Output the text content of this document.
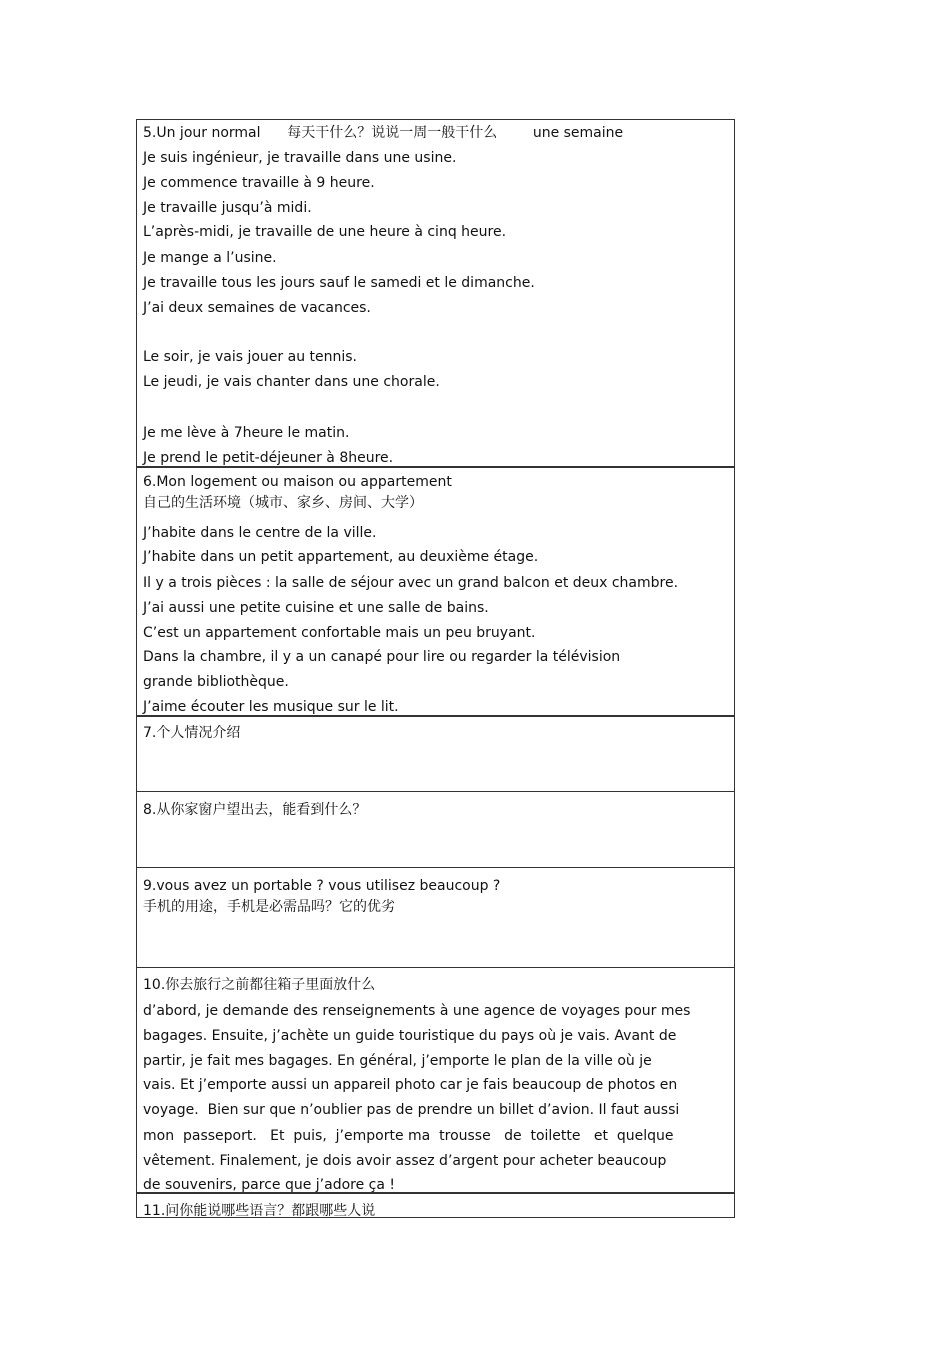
5.Un jour normal      每天干什么？说说一周一般干什么        une semaine
Je suis ingénieur, je travaille dans une usine.
Je commence travaille à 9 heure.
Je travaille jusqu’à midi.
L’après-midi, je travaille de une heure à cinq heure.
Je mange a l’usine.
Je travaille tous les jours sauf le samedi et le dimanche.
J’ai deux semaines de vacances.
Le soir, je vais jouer au tennis.
Le jeudi, je vais chanter dans une chorale.
Je me lève à 7heure le matin.
Je prend le petit-déjeuner à 8heure.
6.Mon logement ou maison ou appartement
自己的生活环境（城市、家乡、房间、大学）
J’habite dans le centre de la ville.
J’habite dans un petit appartement, au deuxième étage.
Il y a trois pièces : la salle de séjour avec un grand balcon et deux chambre.
J’ai aussi une petite cuisine et une salle de bains.
C’est un appartement confortable mais un peu bruyant.
Dans la chambre, il y a un canapé pour lire ou regarder la télévision
grande bibliothèque.
J’aime écouter les musique sur le lit.
7.个人情况介绍
8.从你家窗户望出去，能看到什么？
9.vous avez un portable ? vous utilisez beaucoup ?
手机的用途，手机是必需品吗？它的优劣
10.你去旅行之前都往箱子里面放什么
d’abord, je demande des renseignements à une agence de voyages pour mes
bagages. Ensuite, j’achète un guide touristique du pays où je vais. Avant de
partir, je fait mes bagages. En général, j’emporte le plan de la ville où je
vais. Et j’emporte aussi un appareil photo car je fais beaucoup de photos en
voyage.  Bien sur que n’oublier pas de prendre un billet d’avion. Il faut aussi
mon  passeport.   Et  puis,  j’emporte ma  trousse   de  toilette   et  quelque
vêtement. Finalement, je dois avoir assez d’argent pour acheter beaucoup
de souvenirs, parce que j’adore ça !
11.问你能说哪些语言？都跟哪些人说
